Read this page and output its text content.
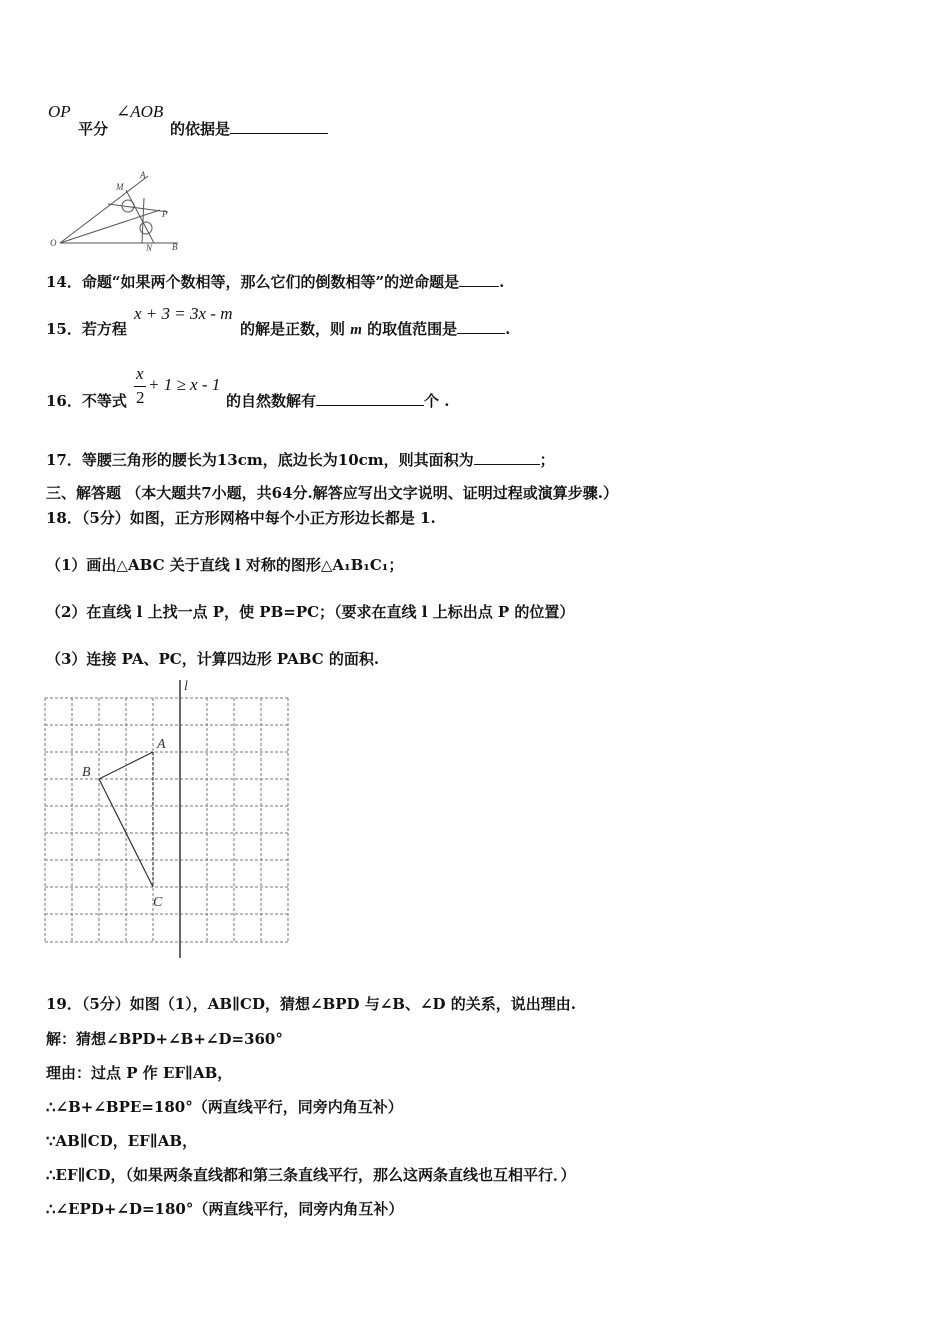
OP
平分
∠AOB
的依据是
O
M
A
P
N B
14．命题“如果两个数相等，那么它们的倒数相等”的逆命题是	.
15．若方程
x + 3 = 3x - m
的解是正数，则 m 的取值范围是	.
16．不等式
x
2
+ 1 ≥ x - 1
的自然数解有	个 .
17．等腰三角形的腰长为13cm，底边长为10cm，则其面积为	；
三、解答题 （本大题共7小题，共64分.解答应写出文字说明、证明过程或演算步骤.）
18．（5分）如图，正方形网格中每个小正方形边长都是 1.
（1）画出△ABC 关于直线 l 对称的图形△A₁B₁C₁；
（2）在直线 l 上找一点 P，使 PB=PC；（要求在直线 l 上标出点 P 的位置）
（3）连接 PA、PC，计算四边形 PABC 的面积.
l
A
B
C
19．（5分）如图（1），AB∥CD，猜想∠BPD 与∠B、∠D 的关系，说出理由.
解：猜想∠BPD+∠B+∠D=360°
理由：过点 P 作 EF∥AB，
∴∠B+∠BPE=180°（两直线平行，同旁内角互补）
∵AB∥CD，EF∥AB，
∴EF∥CD，（如果两条直线都和第三条直线平行，那么这两条直线也互相平行．）
∴∠EPD+∠D=180°（两直线平行，同旁内角互补）
